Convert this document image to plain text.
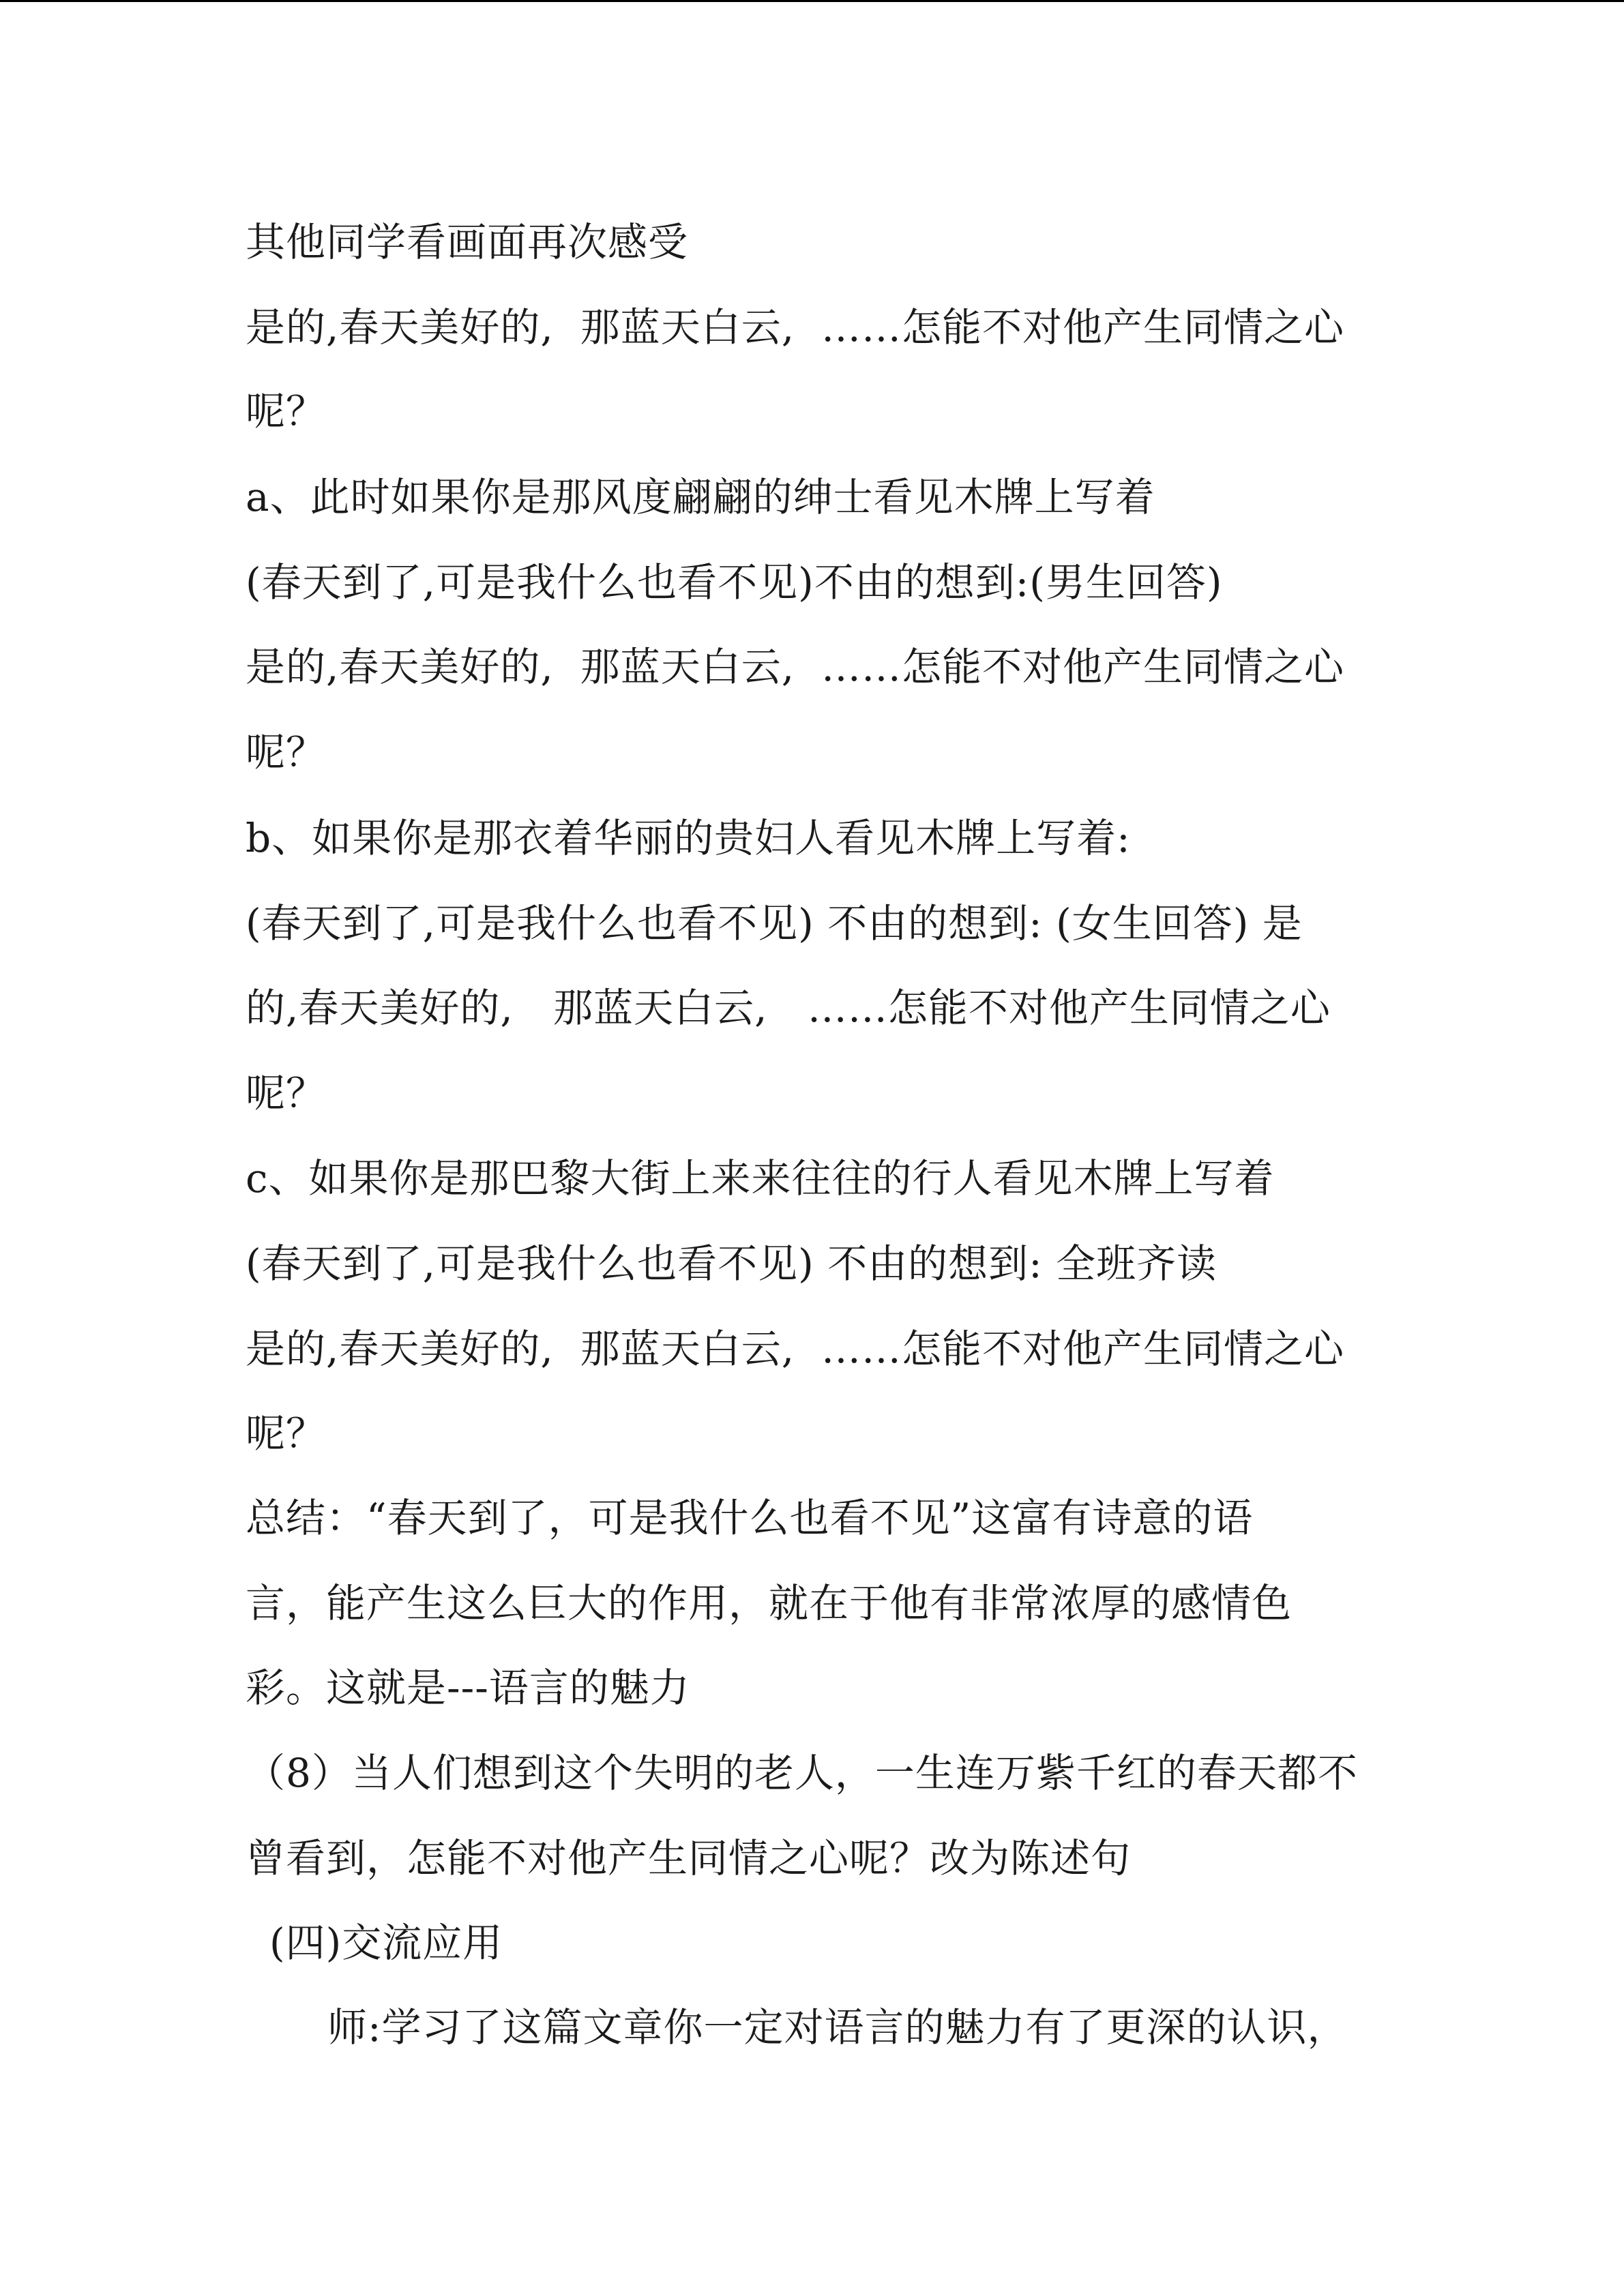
其他同学看画面再次感受
是的,春天美好的,  那蓝天白云,  ……怎能不对他产生同情之心
呢？
a、此时如果你是那风度翩翩的绅士看见木牌上写着
(春天到了,可是我什么也看不见)不由的想到:(男生回答)
是的,春天美好的,  那蓝天白云,  ……怎能不对他产生同情之心
呢？
b、如果你是那衣着华丽的贵妇人看见木牌上写着:
(春天到了,可是我什么也看不见) 不由的想到: (女生回答) 是
的,春天美好的,   那蓝天白云,   ……怎能不对他产生同情之心
呢？
c、如果你是那巴黎大街上来来往往的行人看见木牌上写着
(春天到了,可是我什么也看不见) 不由的想到: 全班齐读
是的,春天美好的,  那蓝天白云,  ……怎能不对他产生同情之心
呢？
总结：“春天到了，可是我什么也看不见”这富有诗意的语
言，能产生这么巨大的作用，就在于他有非常浓厚的感情色
彩。这就是---语言的魅力
（8）当人们想到这个失明的老人，一生连万紫千红的春天都不
曾看到，怎能不对他产生同情之心呢？改为陈述句
(四)交流应用
师:学习了这篇文章你一定对语言的魅力有了更深的认识，
